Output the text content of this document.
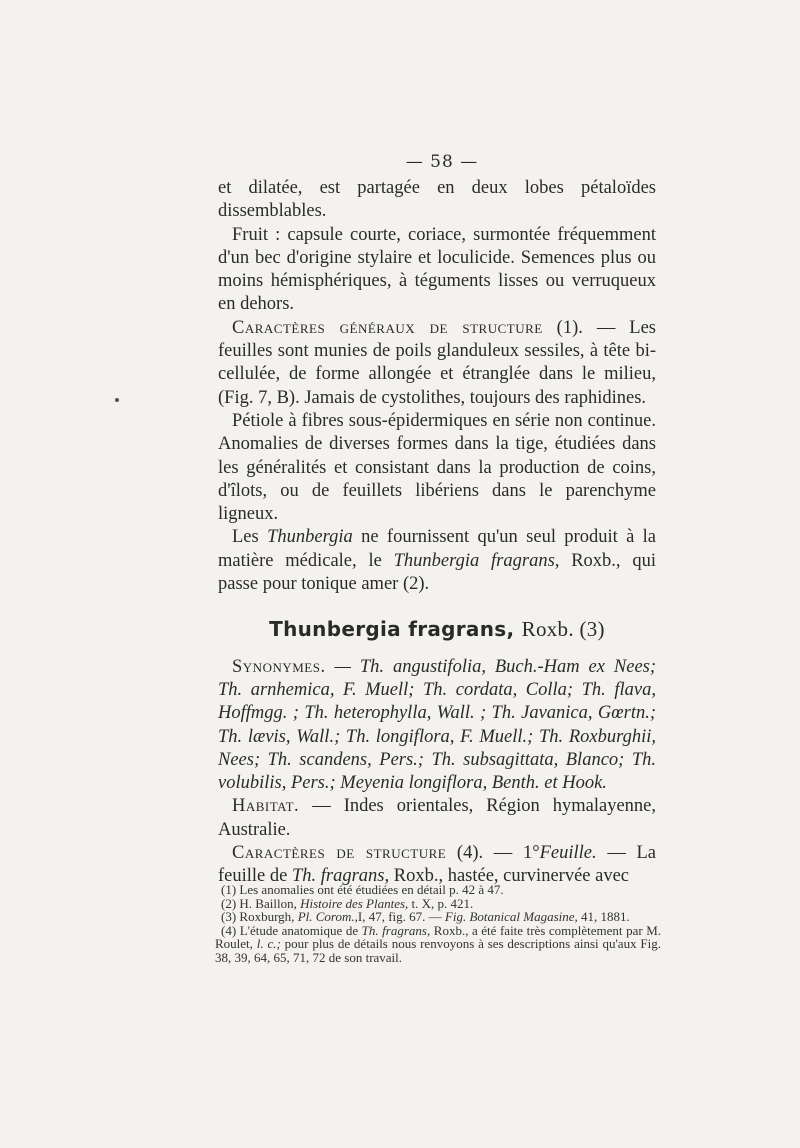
— 58 —

et dilatée, est partagée en deux lobes pétaloïdes dissemblables.

Fruit : capsule courte, coriace, surmontée fréquemment d'un bec d'origine stylaire et loculicide. Semences plus ou moins hémisphériques, à téguments lisses ou verruqueux en dehors.

Caractères généraux de structure (1). — Les feuilles sont munies de poils glanduleux sessiles, à tête bi-cellulée, de forme allongée et étranglée dans le milieu, (Fig. 7, B). Jamais de cystolithes, toujours des raphidines.

Pétiole à fibres sous-épidermiques en série non continue. Anomalies de diverses formes dans la tige, étudiées dans les généralités et consistant dans la production de coins, d'îlots, ou de feuillets libériens dans le parenchyme ligneux.

Les Thunbergia ne fournissent qu'un seul produit à la matière médicale, le Thunbergia fragrans, Roxb., qui passe pour tonique amer (2).

Thunbergia fragrans, Roxb. (3)

Synonymes. — Th. angustifolia, Buch.-Ham ex Nees; Th. arnhemica, F. Muell; Th. cordata, Colla; Th. flava, Hoffmgg. ; Th. heterophylla, Wall. ; Th. Javanica, Gœrtn.; Th. lævis, Wall.; Th. longiflora, F. Muell.; Th. Roxburghii, Nees; Th. scandens, Pers.; Th. subsagittata, Blanco; Th. volubilis, Pers.; Meyenia longiflora, Benth. et Hook.

Habitat. — Indes orientales, Région hymalayenne, Australie.

Caractères de structure (4). — 1°Feuille. — La feuille de Th. fragrans, Roxb., hastée, curvinervée avec

(1) Les anomalies ont été étudiées en détail p. 42 à 47.

(2) H. Baillon, Histoire des Plantes, t. X, p. 421.

(3) Roxburgh, Pl. Corom.,I, 47, fig. 67. — Fig. Botanical Magasine, 41, 1881.

(4) L'étude anatomique de Th. fragrans, Roxb., a été faite très complètement par M. Roulet, l. c.; pour plus de détails nous renvoyons à ses descriptions ainsi qu'aux Fig. 38, 39, 64, 65, 71, 72 de son travail.
